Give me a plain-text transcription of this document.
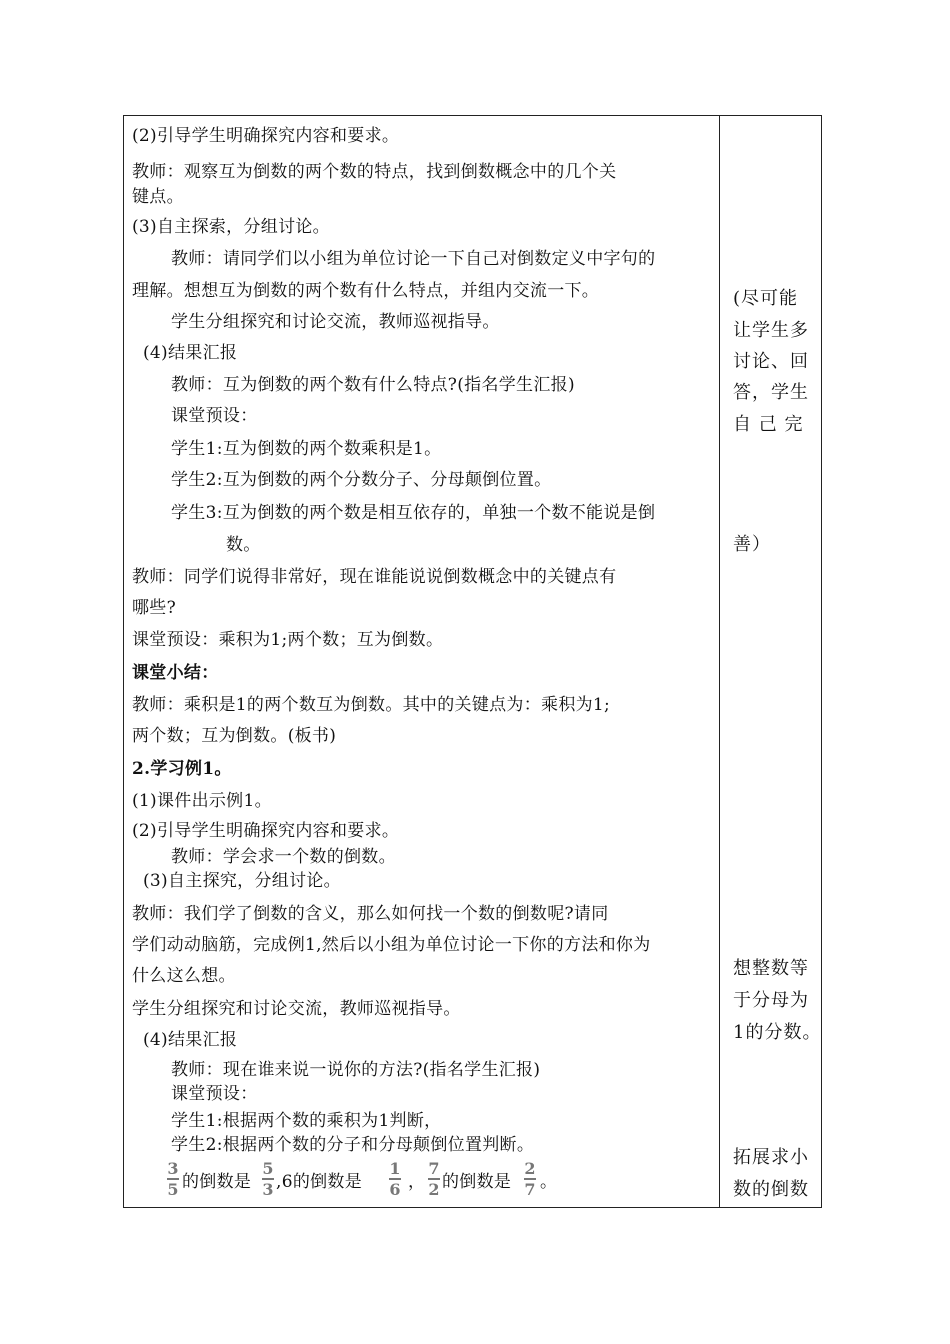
(2)引导学生明确探究内容和要求。
教师：观察互为倒数的两个数的特点，找到倒数概念中的几个关
键点。
(3)自主探索，分组讨论。
教师：请同学们以小组为单位讨论一下自己对倒数定义中字句的
理解。想想互为倒数的两个数有什么特点，并组内交流一下。
学生分组探究和讨论交流，教师巡视指导。
(4)结果汇报
教师：互为倒数的两个数有什么特点?(指名学生汇报)
课堂预设：
学生1:互为倒数的两个数乘积是1。
学生2:互为倒数的两个分数分子、分母颠倒位置。
学生3:互为倒数的两个数是相互依存的，单独一个数不能说是倒
数。
教师：同学们说得非常好，现在谁能说说倒数概念中的关键点有
哪些?
课堂预设：乘积为1;两个数；互为倒数。
课堂小结：
教师：乘积是1的两个数互为倒数。其中的关键点为：乘积为1;
两个数；互为倒数。(板书)
2.学习例1。
(1)课件出示例1。
(2)引导学生明确探究内容和要求。
教师：学会求一个数的倒数。
(3)自主探究，分组讨论。
教师：我们学了倒数的含义，那么如何找一个数的倒数呢?请同
学们动动脑筋，完成例1,然后以小组为单位讨论一下你的方法和你为
什么这么想。
学生分组探究和讨论交流，教师巡视指导。
(4)结果汇报
教师：现在谁来说一说你的方法?(指名学生汇报)
课堂预设：
学生1:根据两个数的乘积为1判断，
学生2:根据两个数的分子和分母颠倒位置判断。
3
5 的倒数是
5
3 ,6的倒数是
1
6 ，
7
2 的倒数是
2
7 。
(尽可能
让学生多
讨论、回
答，学生
自 己 完
善）
想整数等
于分母为
1的分数。
拓展求小
数的倒数
